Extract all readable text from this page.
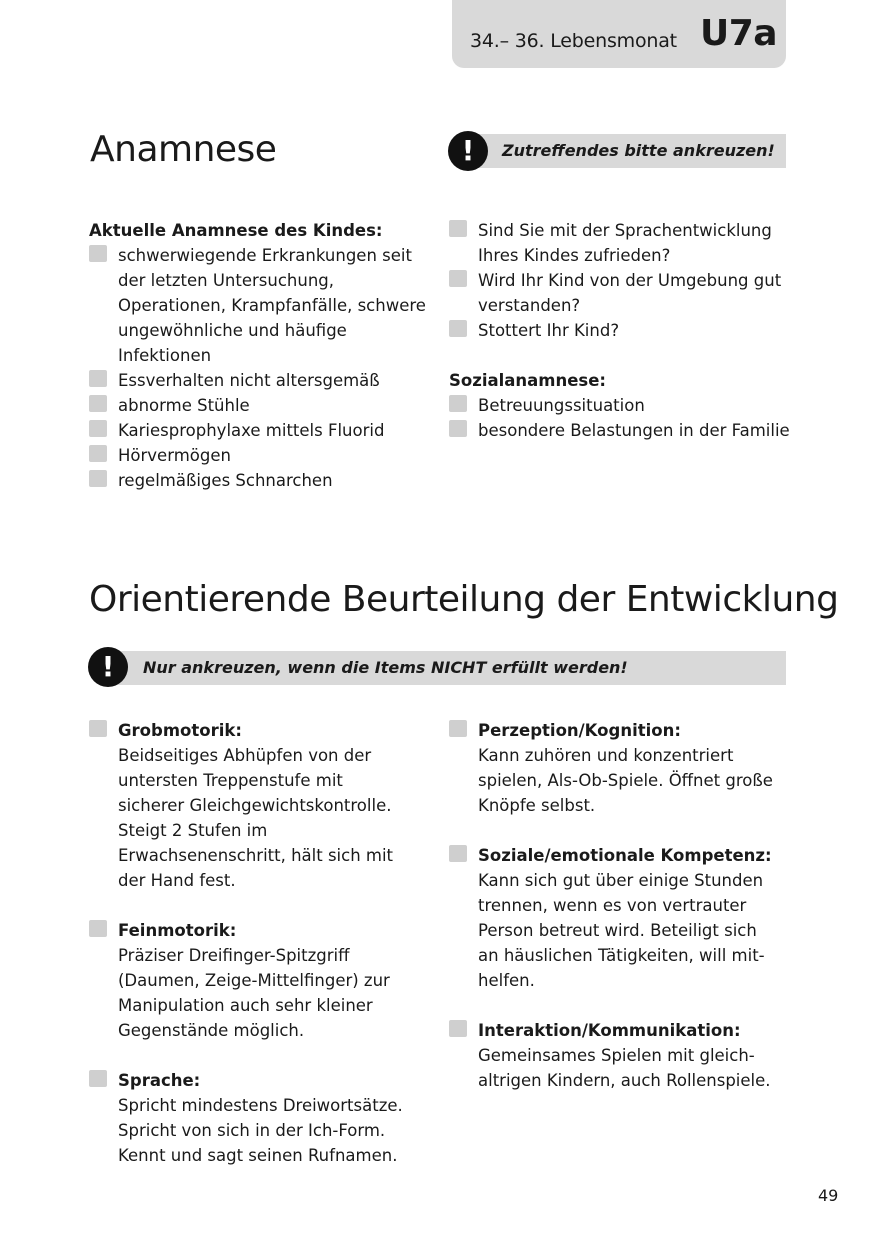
34.– 36. Lebensmonat U7a
Anamnese	Zutreffendes bitte ankreuzen!
!

Aktuelle Anamnese des Kindes:

schwerwiegende Erkrankungen seit der letzten Untersuchung, Operationen, Krampfanfälle, schwere ungewöhnliche und häufige Infektionen

Essverhalten nicht altersgemäß

abnorme Stühle

Kariesprophylaxe mittels Fluorid

Hörvermögen

regelmäßiges Schnarchen

Sind Sie mit der Sprachentwicklung Ihres Kindes zufrieden?

Wird Ihr Kind von der Umgebung gut verstanden?

Stottert Ihr Kind?

Sozialanamnese:

Betreuungssituation

besondere Belastungen in der Familie

Orientierende Beurteilung der Entwicklung
Nur ankreuzen, wenn die Items NICHT erfüllt werden!
!
Grobmotorik:
Beidseitiges Abhüpfen von der untersten Treppenstufe mit sicherer Gleichgewichtskontrolle. Steigt 2 Stufen im Erwachsenenschritt, hält sich mit der Hand fest.
Feinmotorik:
Präziser Dreifinger-Spitzgriff (Daumen, Zeige-Mittelfinger) zur Manipulation auch sehr kleiner Gegenstände möglich.
Sprache:
Spricht mindestens Dreiwortsätze. Spricht von sich in der Ich-Form. Kennt und sagt seinen Rufnamen.
Perzeption/Kognition:
Kann zuhören und konzentriert spielen, Als-Ob-Spiele. Öffnet große Knöpfe selbst.
Soziale/emotionale Kompetenz:
Kann sich gut über einige Stunden trennen, wenn es von vertrauter Person betreut wird. Beteiligt sich an häuslichen Tätigkeiten, will mithelfen.
Interaktion/Kommunikation:
Gemeinsames Spielen mit gleichaltrigen Kindern, auch Rollenspiele.
49
